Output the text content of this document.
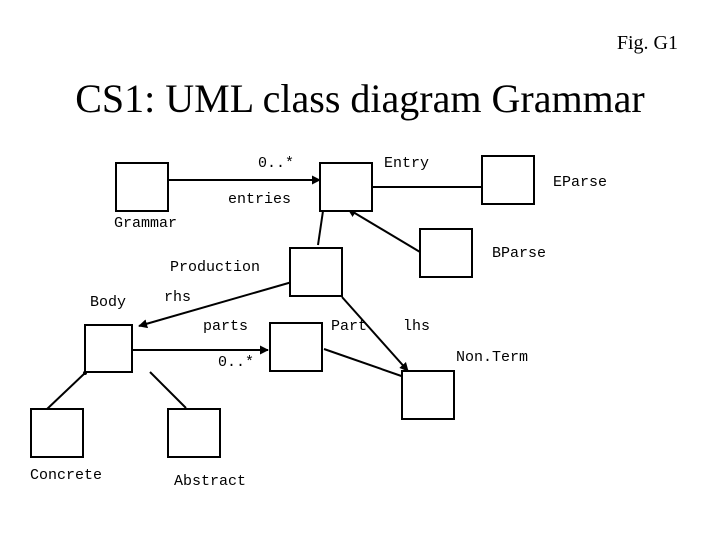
Fig. G1
CS1: UML class diagram Grammar
Grammar
Entry
EParse
BParse
Production
Body
Part
Non.Term
Concrete	Abstract
0..*
entries
rhs
parts
0..*
lhs
